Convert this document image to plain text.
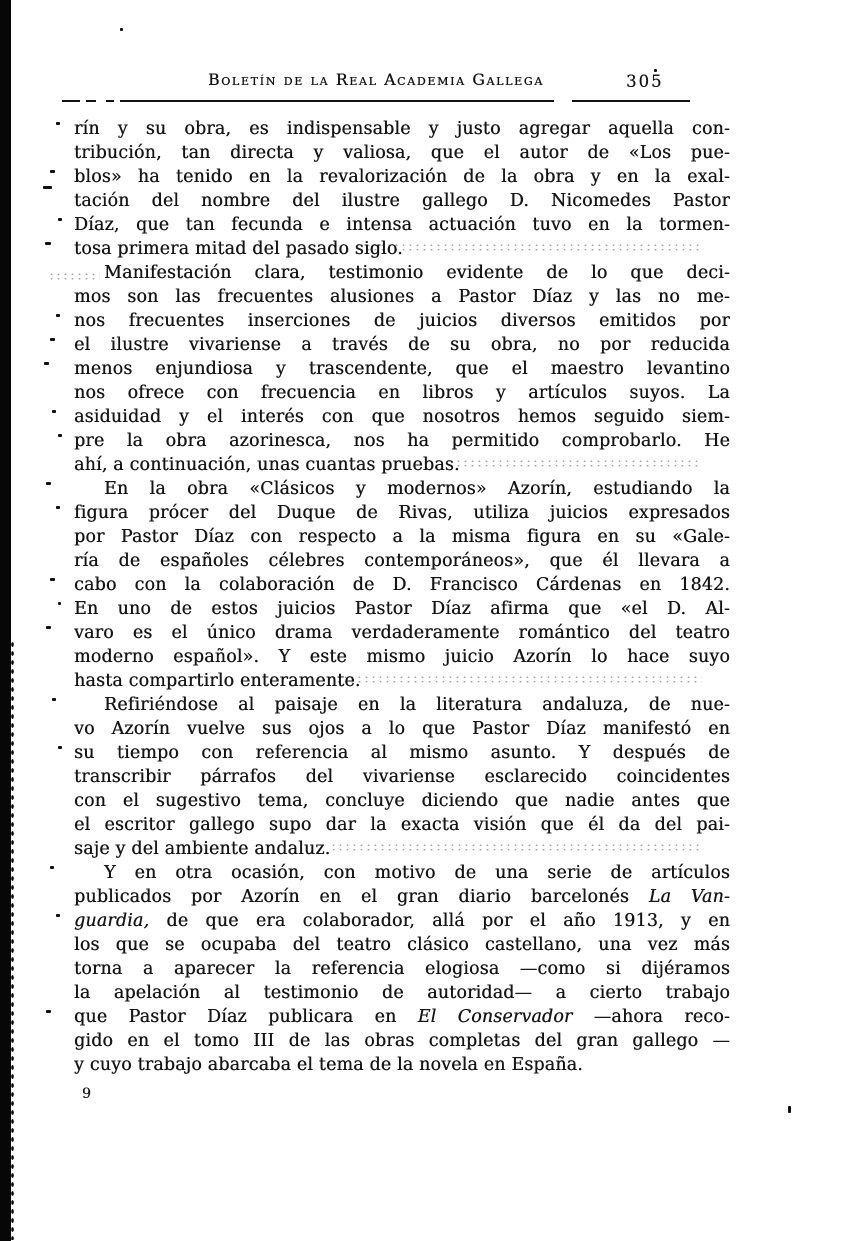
Boletín de la Real Academia Gallega	305
rín y su obra, es indispensable y justo agregar aquella con-
tribución, tan directa y valiosa, que el autor de «Los pue-
blos» ha tenido en la revalorización de la obra y en la exal-
tación del nombre del ilustre gallego D. Nicomedes Pastor
Díaz, que tan fecunda e intensa actuación tuvo en la tormen-
tosa primera mitad del pasado siglo.
Manifestación clara, testimonio evidente de lo que deci-
mos son las frecuentes alusiones a Pastor Díaz y las no me-
nos frecuentes inserciones de juicios diversos emitidos por
el ilustre vivariense a través de su obra, no por reducida
menos enjundiosa y trascendente, que el maestro levantino
nos ofrece con frecuencia en libros y artículos suyos. La
asiduidad y el interés con que nosotros hemos seguido siem-
pre la obra azorinesca, nos ha permitido comprobarlo. He
ahí, a continuación, unas cuantas pruebas.
En la obra «Clásicos y modernos» Azorín, estudiando la
figura prócer del Duque de Rivas, utiliza juicios expresados
por Pastor Díaz con respecto a la misma figura en su «Gale-
ría de españoles célebres contemporáneos», que él llevara a
cabo con la colaboración de D. Francisco Cárdenas en 1842.
En uno de estos juicios Pastor Díaz afirma que «el D. Al-
varo es el único drama verdaderamente romántico del teatro
moderno español». Y este mismo juicio Azorín lo hace suyo
hasta compartirlo enteramente.
Refiriéndose al paisaje en la literatura andaluza, de nue-
vo Azorín vuelve sus ojos a lo que Pastor Díaz manifestó en
su tiempo con referencia al mismo asunto. Y después de
transcribir párrafos del vivariense esclarecido coincidentes
con el sugestivo tema, concluye diciendo que nadie antes que
el escritor gallego supo dar la exacta visión que él da del pai-
saje y del ambiente andaluz.
Y en otra ocasión, con motivo de una serie de artículos
publicados por Azorín en el gran diario barcelonés La Van-
guardia, de que era colaborador, allá por el año 1913, y en
los que se ocupaba del teatro clásico castellano, una vez más
torna a aparecer la referencia elogiosa —como si dijéramos
la apelación al testimonio de autoridad— a cierto trabajo
que Pastor Díaz publicara en El Conservador —ahora reco-
gido en el tomo III de las obras completas del gran gallego —
y cuyo trabajo abarcaba el tema de la novela en España.
9
